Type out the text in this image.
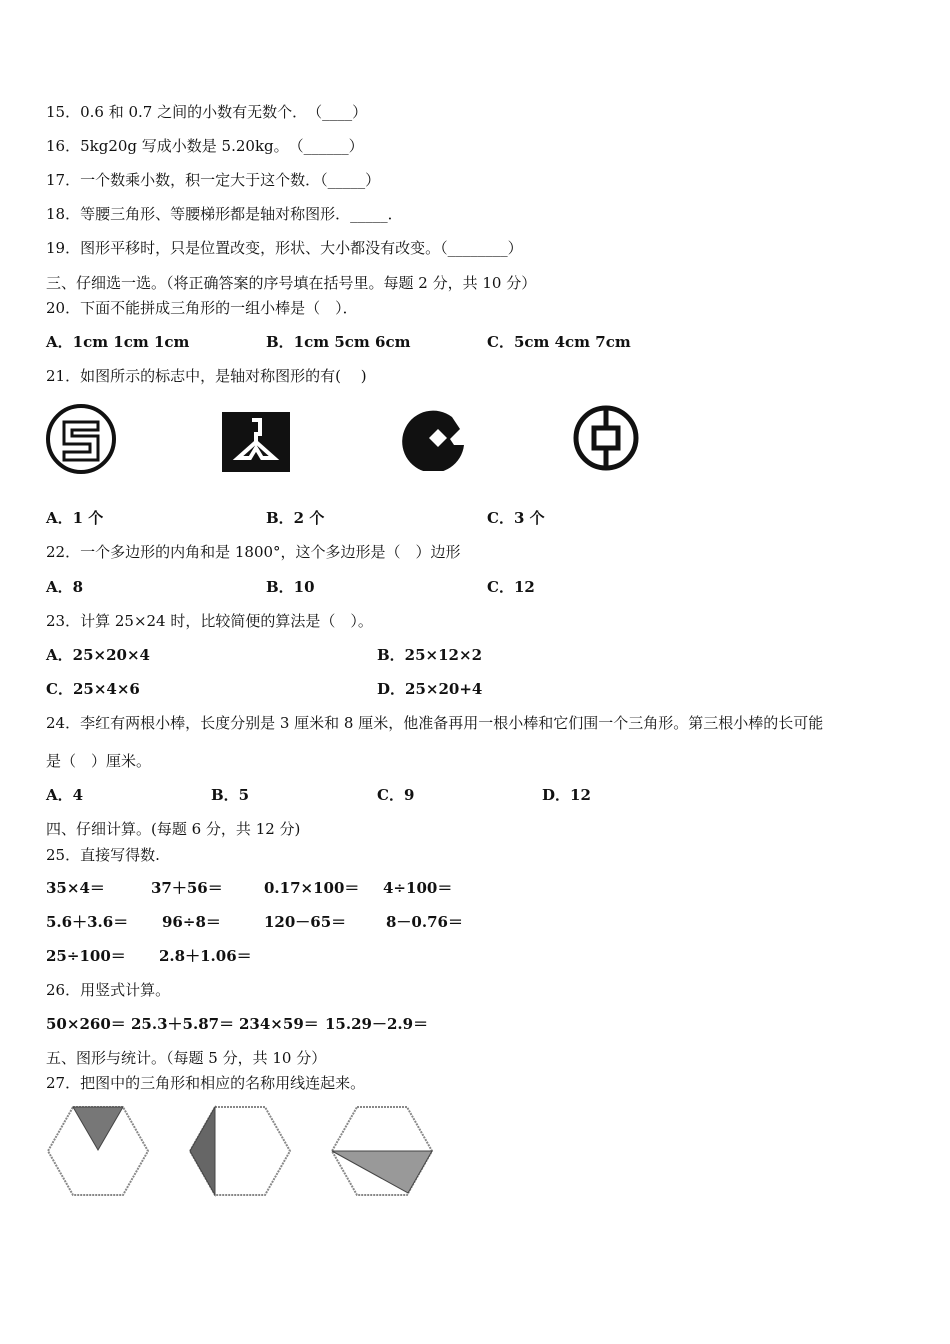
15．0.6 和 0.7 之间的小数有无数个．　（____）
16．5kg20g 写成小数是 5.20kg。　（______）
17．一个数乘小数，积一定大于这个数．（_____）
18．等腰三角形、等腰梯形都是轴对称图形．_____．
19．图形平移时，只是位置改变，形状、大小都没有改变。（________）
三、仔细选一选。（将正确答案的序号填在括号里。每题 2 分，共 10 分）
20．下面不能拼成三角形的一组小棒是（　）．
A．1cm 1cm 1cm	B．1cm 5cm 6cm	C．5cm 4cm 7cm
21．如图所示的标志中，是轴对称图形的有(　 )
A．1 个	B．2 个	C．3 个
22．一个多边形的内角和是 1800°，这个多边形是（　）边形
A．8	B．10	C．12
23．计算 25×24 时，比较简便的算法是（　）。
A．25×20×4	B．25×12×2
C．25×4×6	D．25×20+4
24．李红有两根小棒，长度分别是 3 厘米和 8 厘米，他准备再用一根小棒和它们围一个三角形。第三根小棒的长可能
是（　）厘米。
A．4	B．5	C．9	D．12
四、仔细计算。(每题 6 分，共 12 分)
25．直接写得数.
35×4＝	37＋56＝	0.17×100＝ 4÷100＝
5.6＋3.6＝ 96÷8＝	120－65＝	8－0.76＝
25÷100＝ 2.8＋1.06＝
26．用竖式计算。
50×260＝ 25.3＋5.87＝ 234×59＝ 15.29－2.9＝
五、图形与统计。（每题 5 分，共 10 分）
27．把图中的三角形和相应的名称用线连起来。
